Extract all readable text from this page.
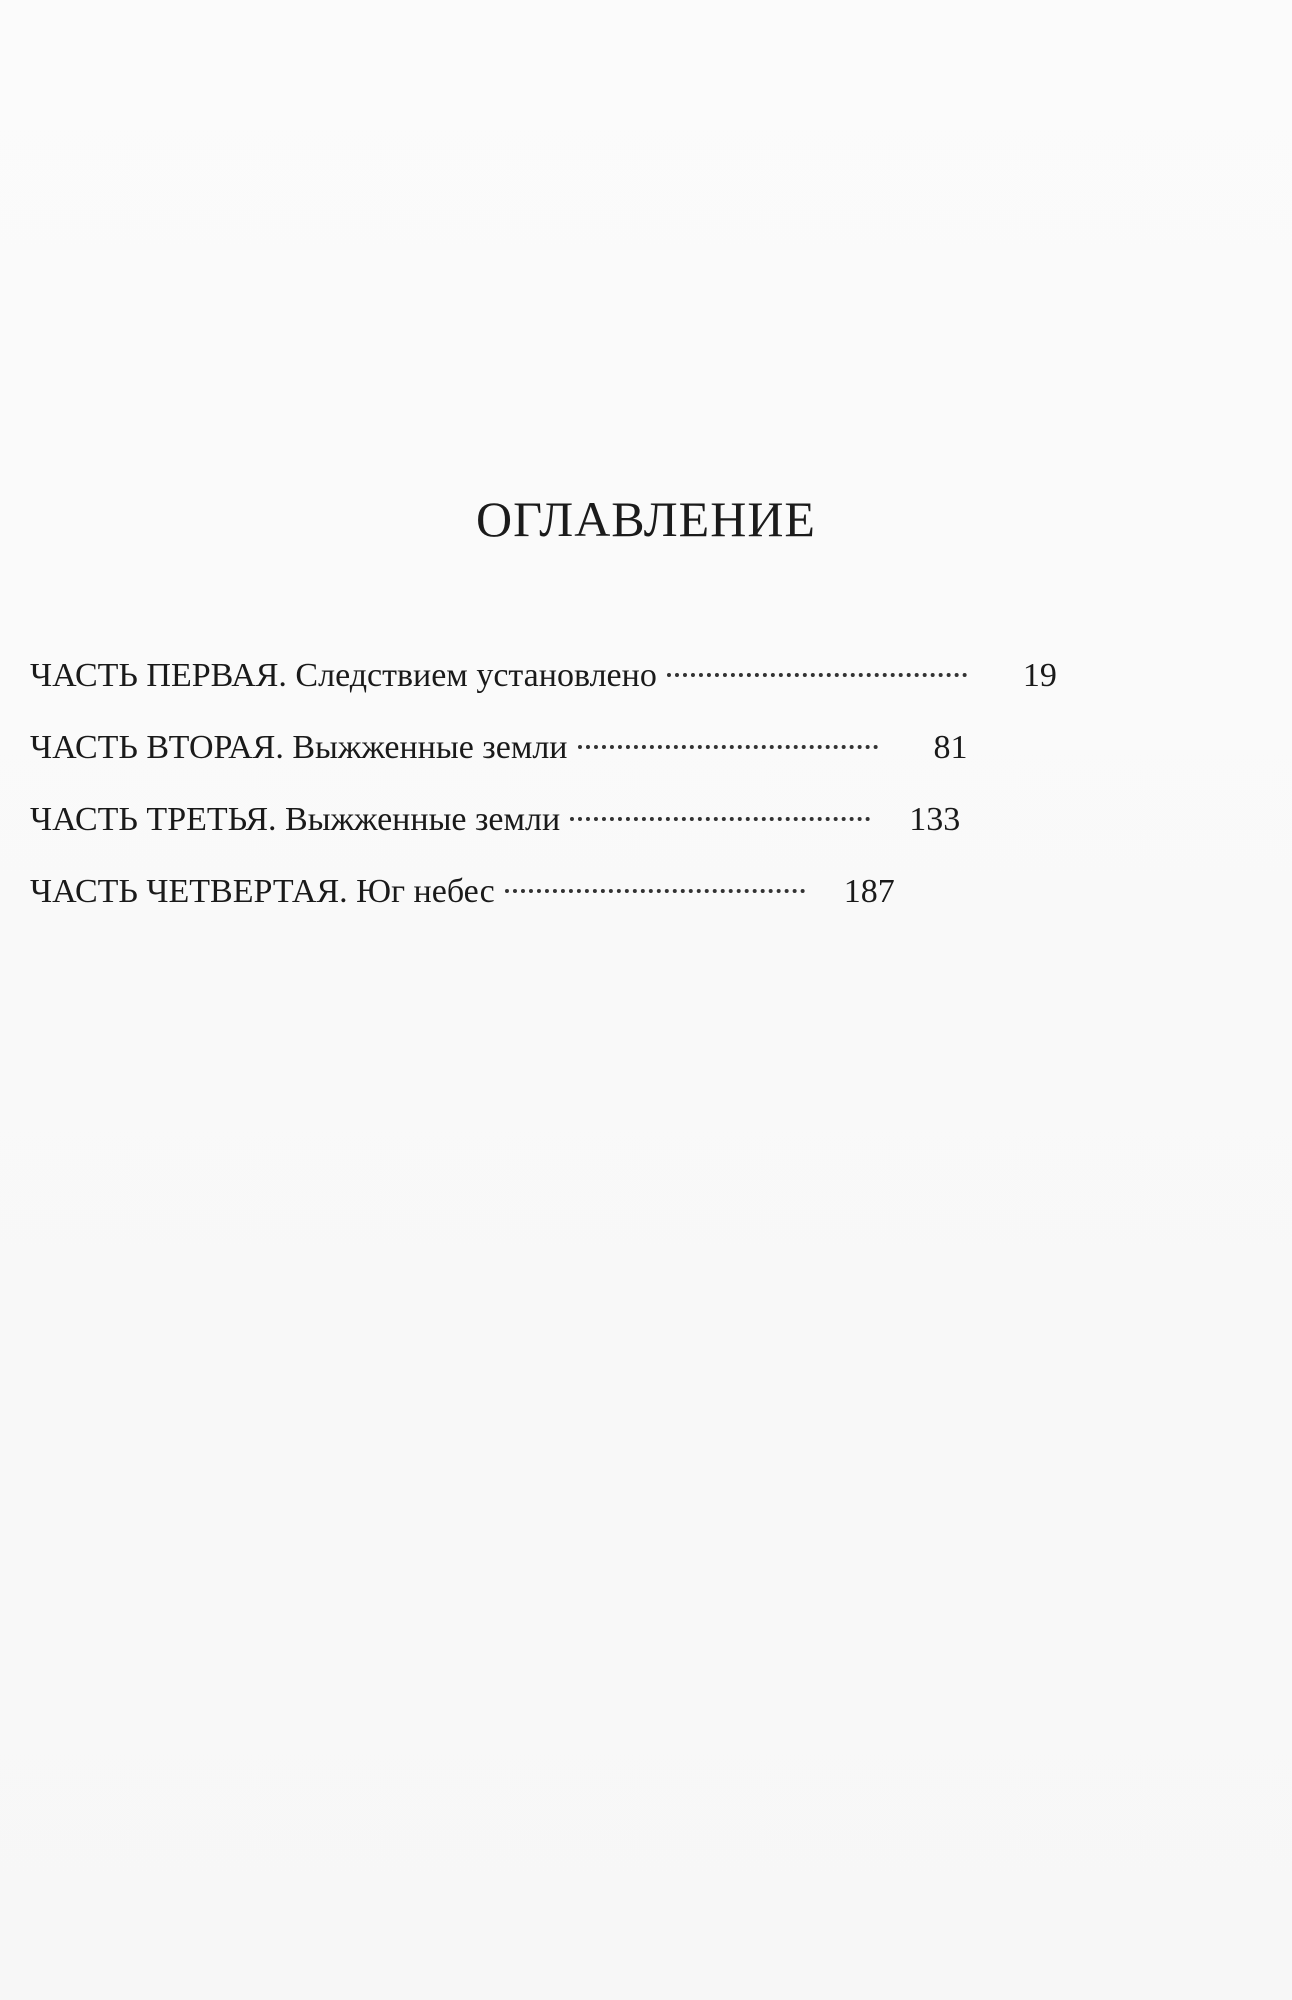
ОГЛАВЛЕНИЕ
ЧАСТЬ ПЕРВАЯ. Следствием установлено	19
ЧАСТЬ ВТОРАЯ. Выжженные земли	81
ЧАСТЬ ТРЕТЬЯ. Выжженные земли	133
ЧАСТЬ ЧЕТВЕРТАЯ. Юг небес	187
